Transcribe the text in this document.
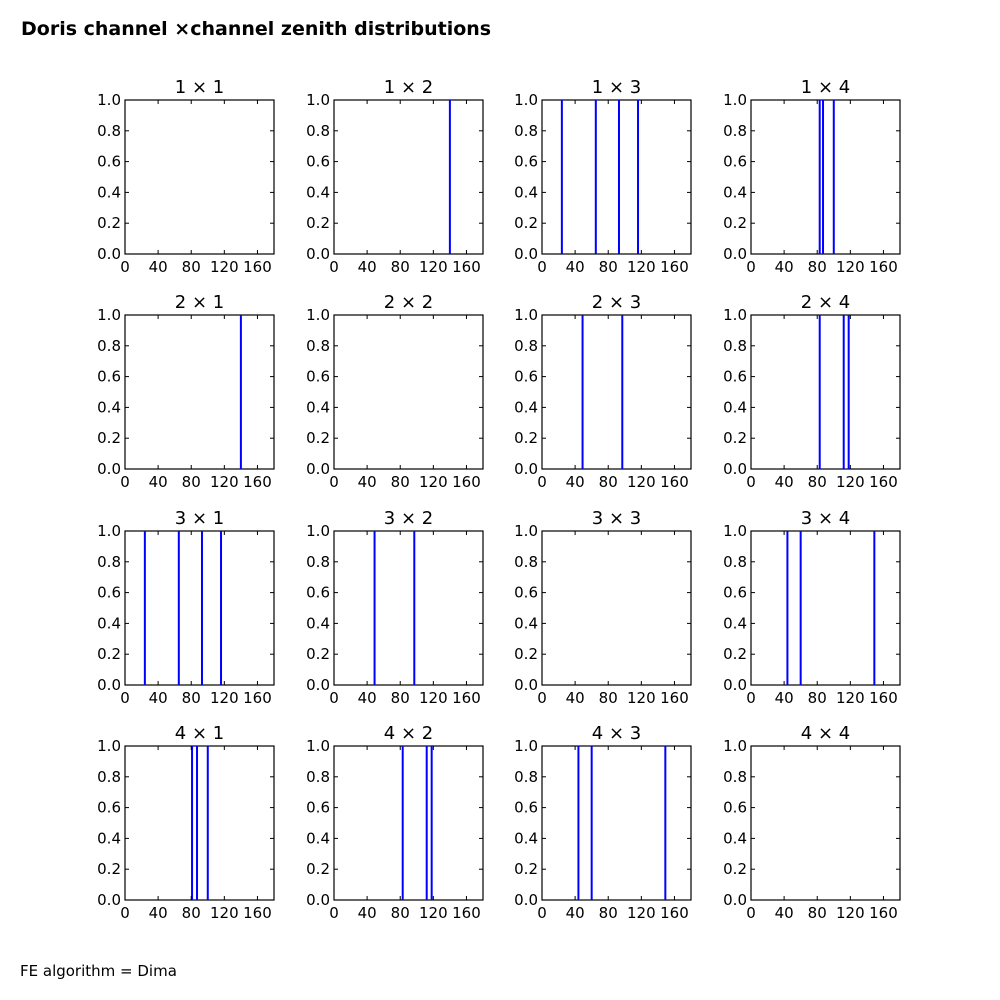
Doris channel ×channel zenith distributions
1 × 1
0 40 80 120 160
0.0
0.2
0.4
0.6
0.8
1.0
1 × 2
0 40 80 120 160
0.0
0.2
0.4
0.6
0.8
1.0
1 × 3
0 40 80 120 160
0.0
0.2
0.4
0.6
0.8
1.0
1 × 4
0 40 80 120 160
0.0
0.2
0.4
0.6
0.8
1.0
2 × 1
0 40 80 120 160
0.0
0.2
0.4
0.6
0.8
1.0
2 × 2
0 40 80 120 160
0.0
0.2
0.4
0.6
0.8
1.0
2 × 3
0 40 80 120 160
0.0
0.2
0.4
0.6
0.8
1.0
2 × 4
0 40 80 120 160
0.0
0.2
0.4
0.6
0.8
1.0
3 × 1
0 40 80 120 160
0.0
0.2
0.4
0.6
0.8
1.0
3 × 2
0 40 80 120 160
0.0
0.2
0.4
0.6
0.8
1.0
3 × 3
0 40 80 120 160
0.0
0.2
0.4
0.6
0.8
1.0
3 × 4
0 40 80 120 160
0.0
0.2
0.4
0.6
0.8
1.0
4 × 1
0 40 80 120 160
0.0
0.2
0.4
0.6
0.8
1.0
4 × 2
0 40 80 120 160
0.0
0.2
0.4
0.6
0.8
1.0
4 × 3
0 40 80 120 160
0.0
0.2
0.4
0.6
0.8
1.0
4 × 4
0 40 80 120 160
0.0
0.2
0.4
0.6
0.8
1.0
FE algorithm = Dima
